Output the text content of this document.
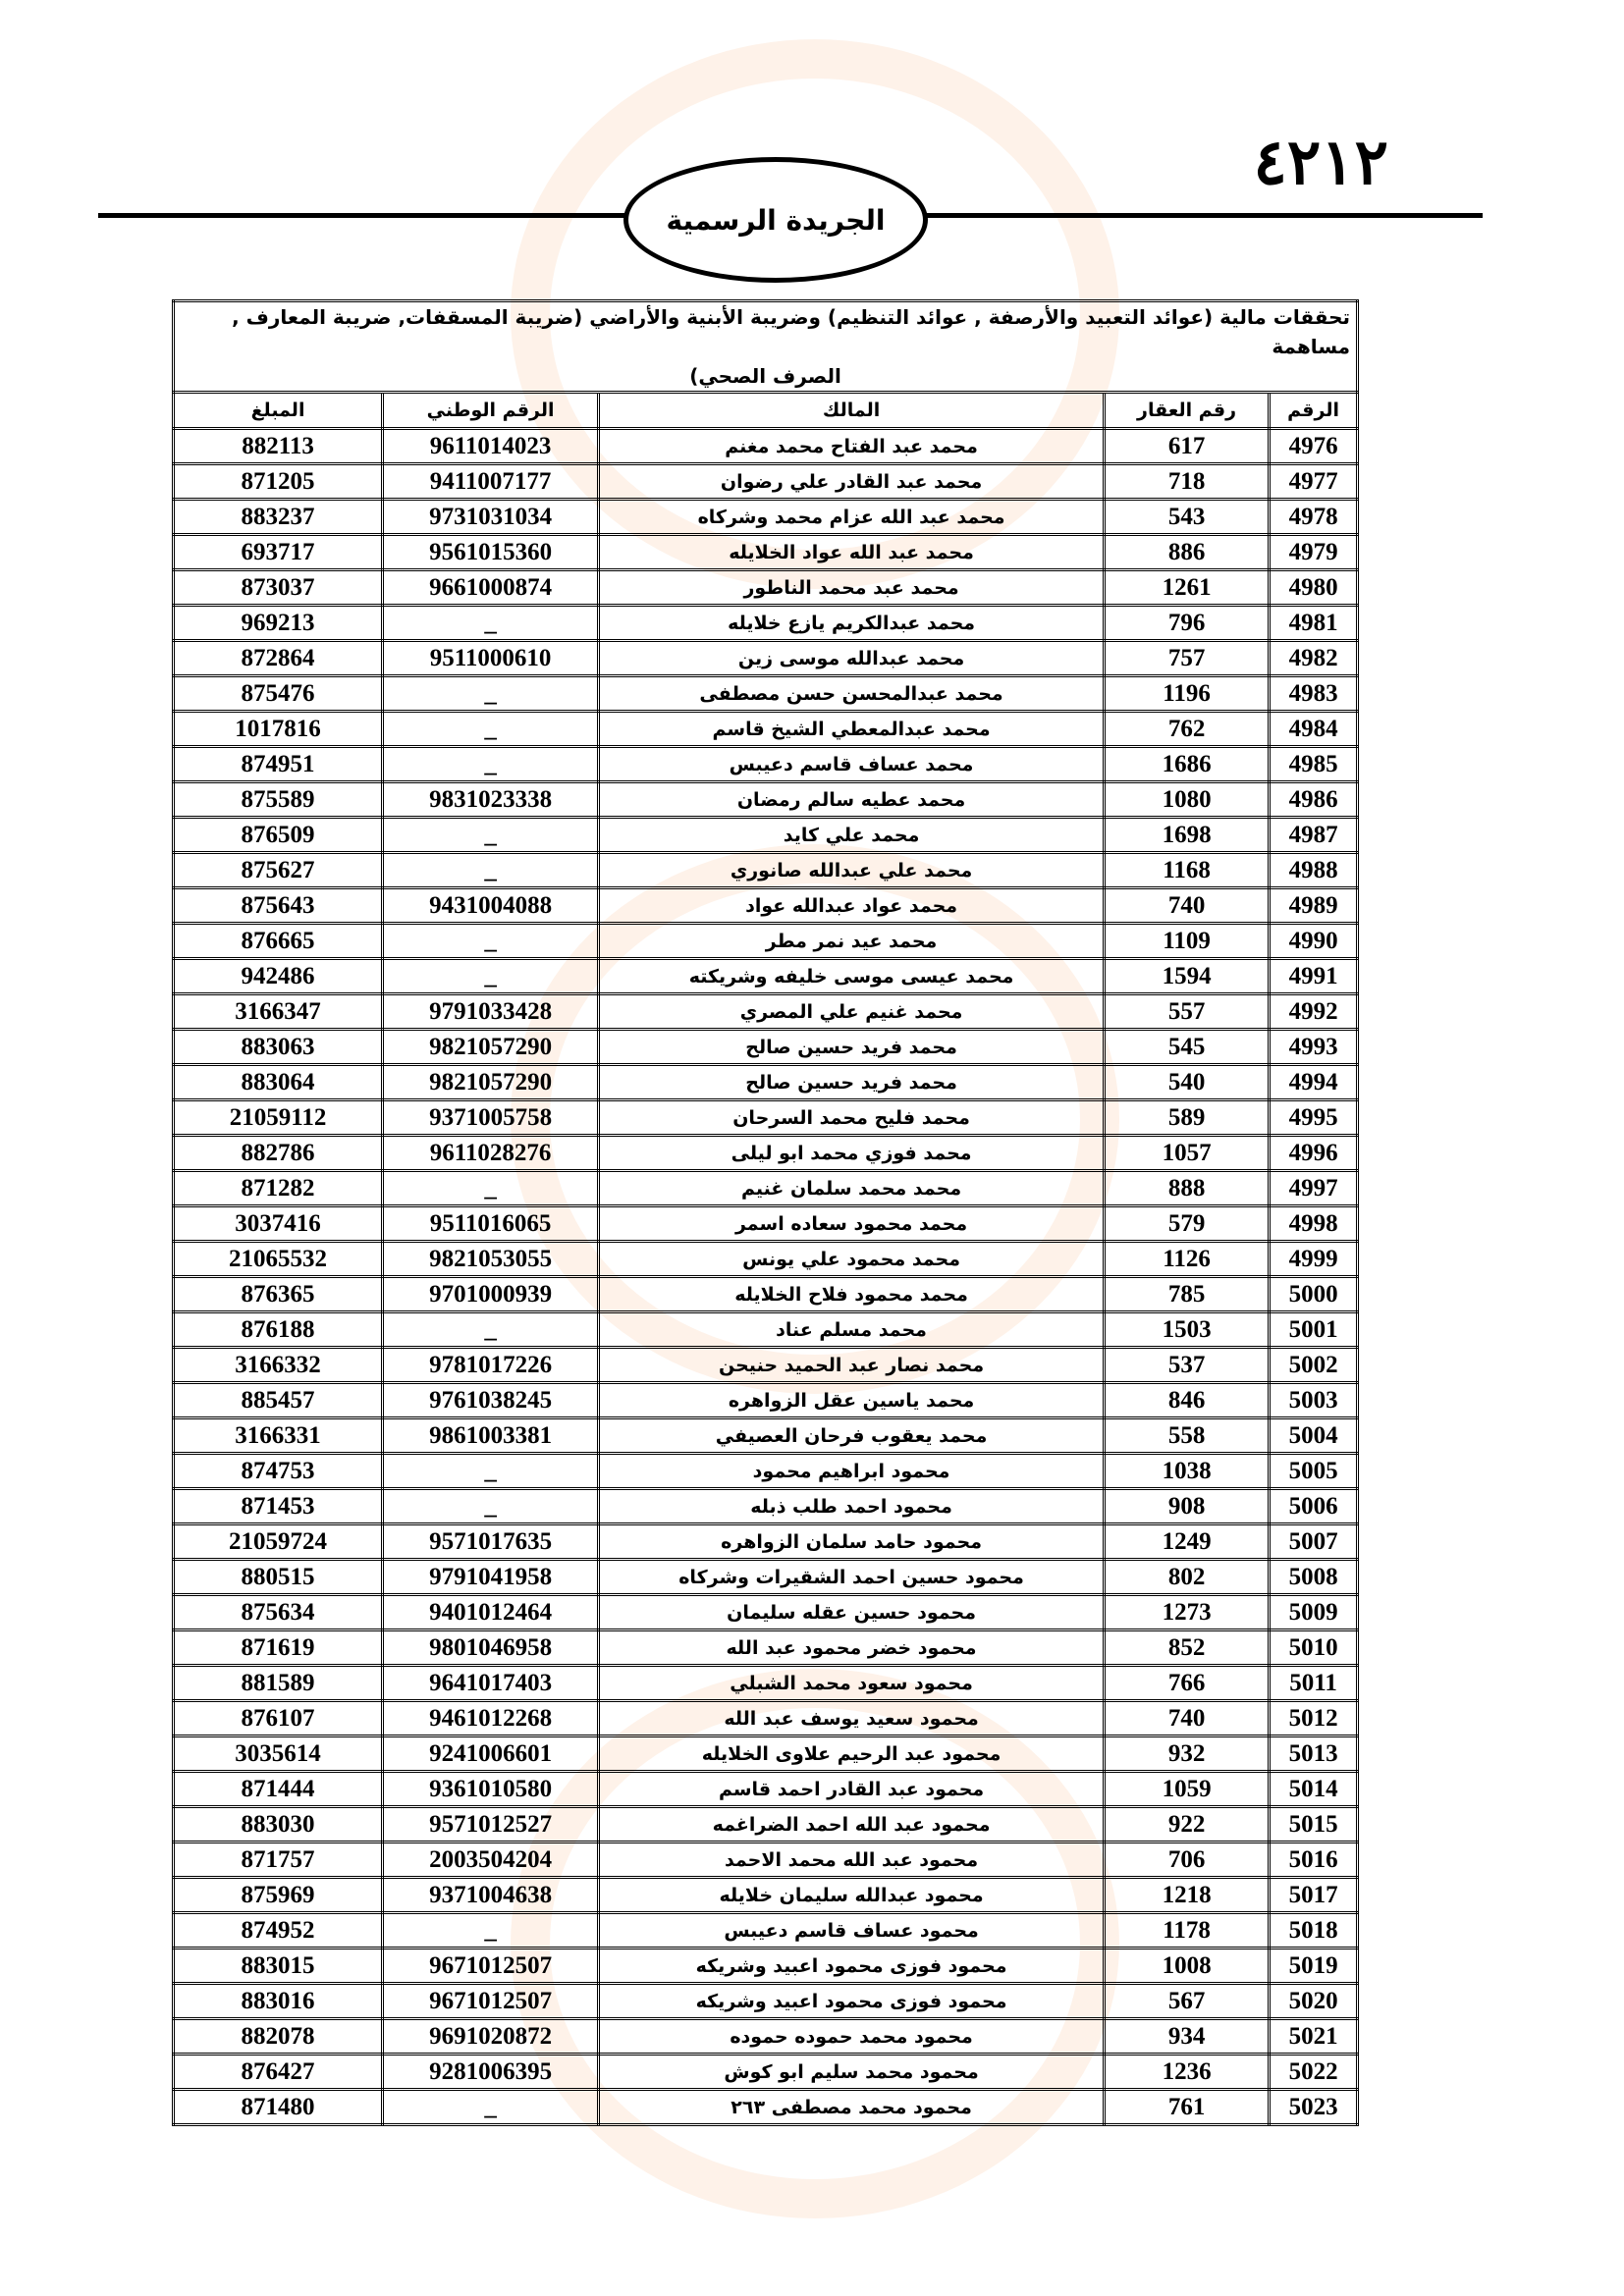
٤٢١٢
الجريدة الرسمية
تحققات مالية (عوائد التعبيد والأرصفة , عوائد التنظيم) وضريبة الأبنية والأراضي (ضريبة المسقفات, ضريبة المعارف , مساهمة
الصرف الصحي)				

الرقم	رقم العقار	المالك	الرقم الوطني	المبلغ
4976	617	محمد عبد الفتاح محمد مغنم	9611014023	882113
4977	718	محمد عبد القادر علي رضوان	9411007177	871205
4978	543	محمد عبد الله عزام محمد وشركاه	9731031034	883237
4979	886	محمد عبد الله عواد الخلايله	9561015360	693717
4980	1261	محمد عبد محمد الناطور	9661000874	873037
4981	796	محمد عبدالكريم يازع خلايله	_	969213
4982	757	محمد عبدالله موسى زين	9511000610	872864
4983	1196	محمد عبدالمحسن حسن مصطفى	_	875476
4984	762	محمد عبدالمعطي الشيخ قاسم	_	1017816
4985	1686	محمد عساف قاسم دعيبس	_	874951
4986	1080	محمد عطيه سالم رمضان	9831023338	875589
4987	1698	محمد علي كايد	_	876509
4988	1168	محمد علي عبدالله صانوري	_	875627
4989	740	محمد عواد عبدالله عواد	9431004088	875643
4990	1109	محمد عيد نمر مطر	_	876665
4991	1594	محمد عيسى موسى خليفه وشريكته	_	942486
4992	557	محمد غنيم علي المصري	9791033428	3166347
4993	545	محمد فريد حسين صالح	9821057290	883063
4994	540	محمد فريد حسين صالح	9821057290	883064
4995	589	محمد فليح محمد السرحان	9371005758	21059112
4996	1057	محمد فوزي محمد ابو ليلى	9611028276	882786
4997	888	محمد محمد سلمان غنيم	_	871282
4998	579	محمد محمود سعاده اسمر	9511016065	3037416
4999	1126	محمد محمود علي يونس	9821053055	21065532
5000	785	محمد محمود فلاح الخلايله	9701000939	876365
5001	1503	محمد مسلم عناد	_	876188
5002	537	محمد نصار عبد الحميد حنيحن	9781017226	3166332
5003	846	محمد ياسين عقل الزواهره	9761038245	885457
5004	558	محمد يعقوب فرحان العصيفي	9861003381	3166331
5005	1038	محمود ابراهيم محمود	_	874753
5006	908	محمود احمد طلب ذبله	_	871453
5007	1249	محمود حامد سلمان الزواهره	9571017635	21059724
5008	802	محمود حسين احمد الشقيرات وشركاه	9791041958	880515
5009	1273	محمود حسين عقله سليمان	9401012464	875634
5010	852	محمود خضر محمود عبد الله	9801046958	871619
5011	766	محمود سعود محمد الشبلي	9641017403	881589
5012	740	محمود سعيد يوسف عبد الله	9461012268	876107
5013	932	محمود عبد الرحيم علاوى الخلايله	9241006601	3035614
5014	1059	محمود عبد القادر احمد قاسم	9361010580	871444
5015	922	محمود عبد الله احمد الضراغمه	9571012527	883030
5016	706	محمود عبد الله محمد الاحمد	2003504204	871757
5017	1218	محمود عبدالله سليمان خلايله	9371004638	875969
5018	1178	محمود عساف قاسم دعيبس	_	874952
5019	1008	محمود فوزى محمود اعبيد وشريكه	9671012507	883015
5020	567	محمود فوزى محمود اعبيد وشريكه	9671012507	883016
5021	934	محمود محمد حموده حموده	9691020872	882078
5022	1236	محمود محمد سليم ابو كوش	9281006395	876427
5023	761	محمود محمد مصطفى ٢٦٣	_	871480
